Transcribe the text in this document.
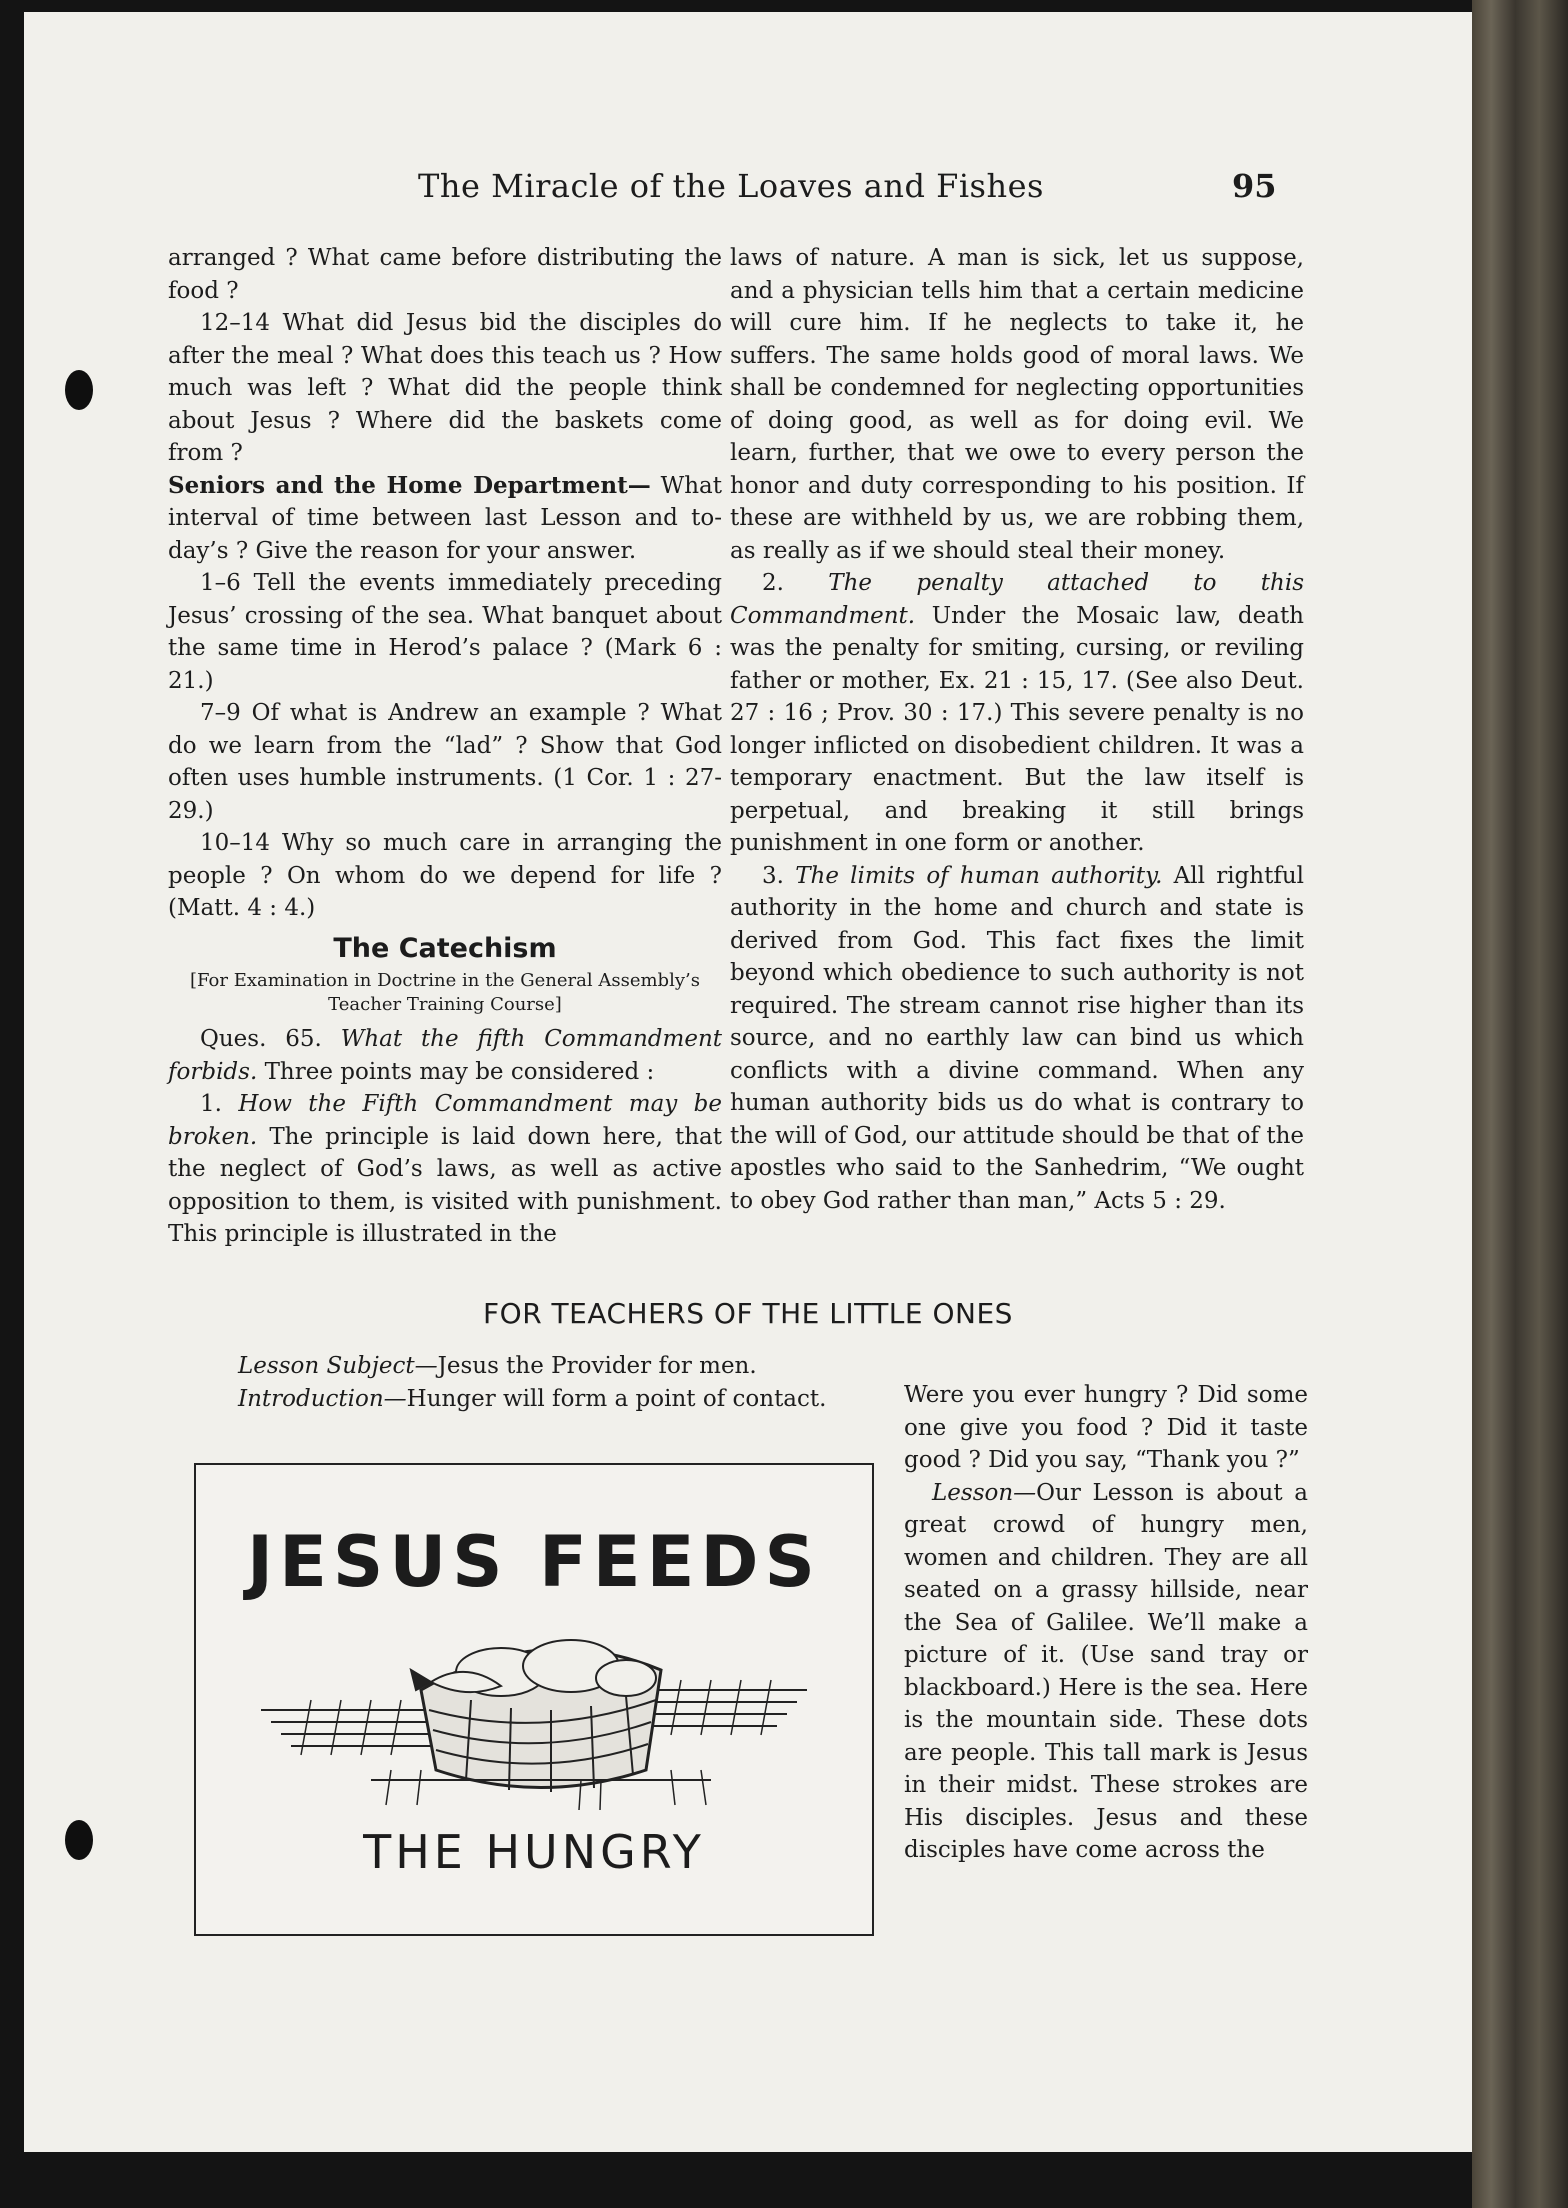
The Miracle of the Loaves and Fishes	95

arranged ? What came before distributing the food ?

12–14 What did Jesus bid the disciples do after the meal ? What does this teach us ? How much was left ? What did the people think about Jesus ? Where did the baskets come from ?

Seniors and the Home Department— What interval of time between last Lesson and to-day’s ? Give the reason for your answer.

1–6 Tell the events immediately preceding Jesus’ crossing of the sea. What banquet about the same time in Herod’s palace ? (Mark 6 : 21.)

7–9 Of what is Andrew an example ? What do we learn from the “lad” ? Show that God often uses humble instruments. (1 Cor. 1 : 27-29.)

10–14 Why so much care in arranging the people ? On whom do we depend for life ? (Matt. 4 : 4.)

The Catechism
[For Examination in Doctrine in the General Assembly’s Teacher Training Course]

Ques. 65. What the fifth Commandment forbids. Three points may be considered :

1. How the Fifth Commandment may be broken. The principle is laid down here, that the neglect of God’s laws, as well as active opposition to them, is visited with punishment. This principle is illustrated in the

laws of nature. A man is sick, let us suppose, and a physician tells him that a certain medicine will cure him. If he neglects to take it, he suffers. The same holds good of moral laws. We shall be condemned for neglecting opportunities of doing good, as well as for doing evil. We learn, further, that we owe to every person the honor and duty corresponding to his position. If these are withheld by us, we are robbing them, as really as if we should steal their money.

2. The penalty attached to this Commandment. Under the Mosaic law, death was the penalty for smiting, cursing, or reviling father or mother, Ex. 21 : 15, 17. (See also Deut. 27 : 16 ; Prov. 30 : 17.) This severe penalty is no longer inflicted on disobedient children. It was a temporary enactment. But the law itself is perpetual, and breaking it still brings punishment in one form or another.

3. The limits of human authority. All rightful authority in the home and church and state is derived from God. This fact fixes the limit beyond which obedience to such authority is not required. The stream cannot rise higher than its source, and no earthly law can bind us which conflicts with a divine command. When any human authority bids us do what is contrary to the will of God, our attitude should be that of the apostles who said to the Sanhedrim, “We ought to obey God rather than man,” Acts 5 : 29.

FOR TEACHERS OF THE LITTLE ONES

Lesson Subject—Jesus the Provider for men.

Introduction—Hunger will form a point of contact.

JESUS FEEDS
THE HUNGRY

Were you ever hungry ? Did some one give you food ? Did it taste good ? Did you say, “Thank you ?”

Lesson—Our Lesson is about a great crowd of hungry men, women and children. They are all seated on a grassy hillside, near the Sea of Galilee. We’ll make a picture of it. (Use sand tray or blackboard.) Here is the sea. Here is the mountain side. These dots are people. This tall mark is Jesus in their midst. These strokes are His disciples. Jesus and these disciples have come across the
